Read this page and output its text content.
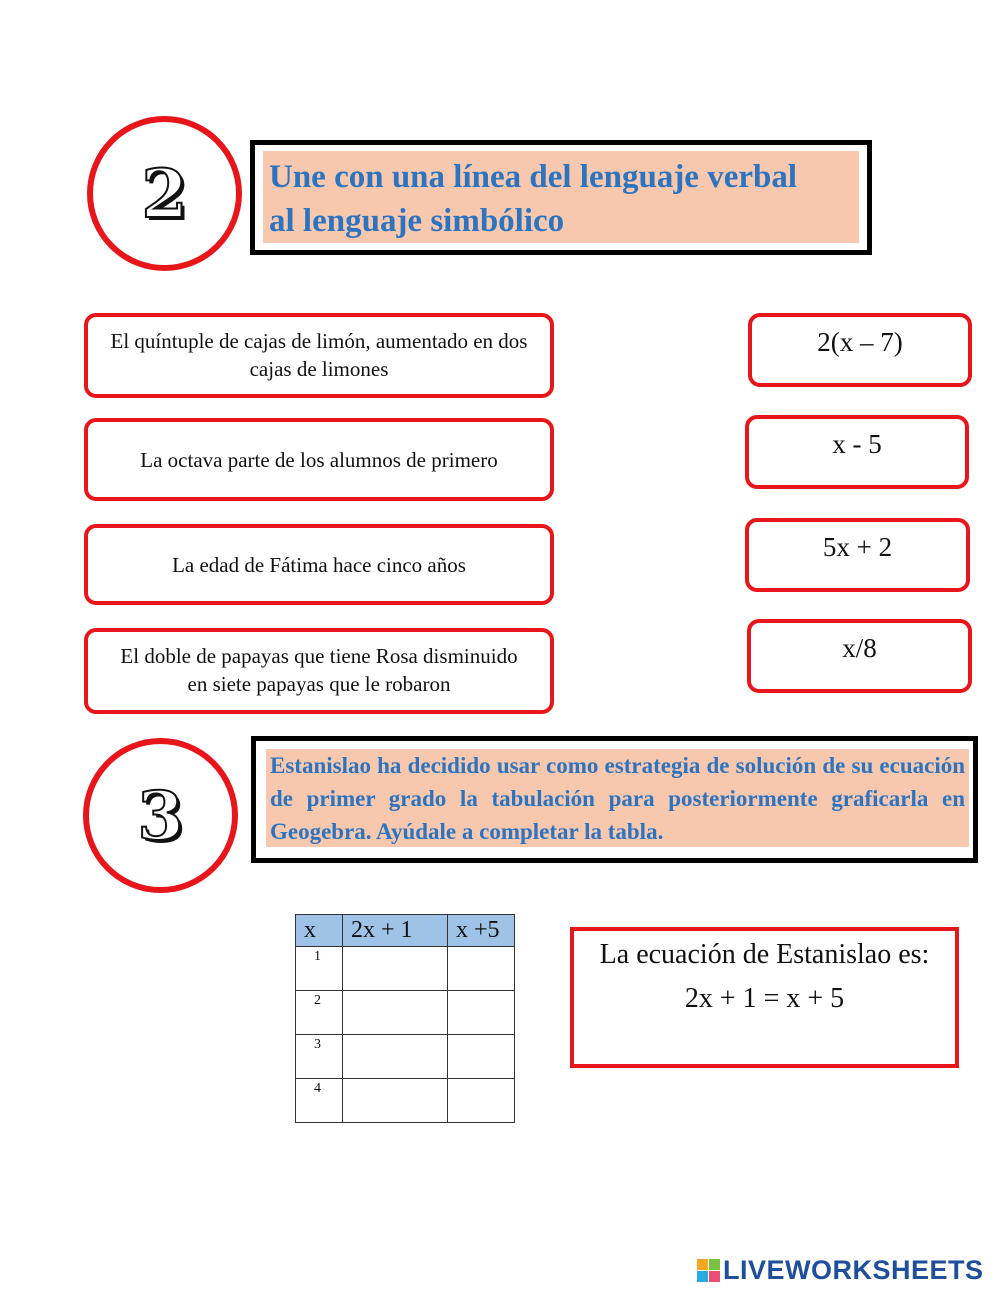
2 Une con una línea del lenguaje verbal
al lenguaje simbólico
El quíntuple de cajas de limón, aumentado en dos cajas de limones
La octava parte de los alumnos de primero
La edad de Fátima hace cinco años
El doble de papayas que tiene Rosa disminuido en siete papayas que le robaron
2(x – 7)
x - 5
5x + 2
x/8
3
Estanislao ha decidido usar como estrategia de solución de su ecuación de primer grado la tabulación para posteriormente graficarla en Geogebra. Ayúdale a completar la tabla.
x	2x + 1	x +5
1		
2		
3		
4		
La ecuación de Estanislao es:
2x + 1 = x + 5
LIVEWORKSHEETS
